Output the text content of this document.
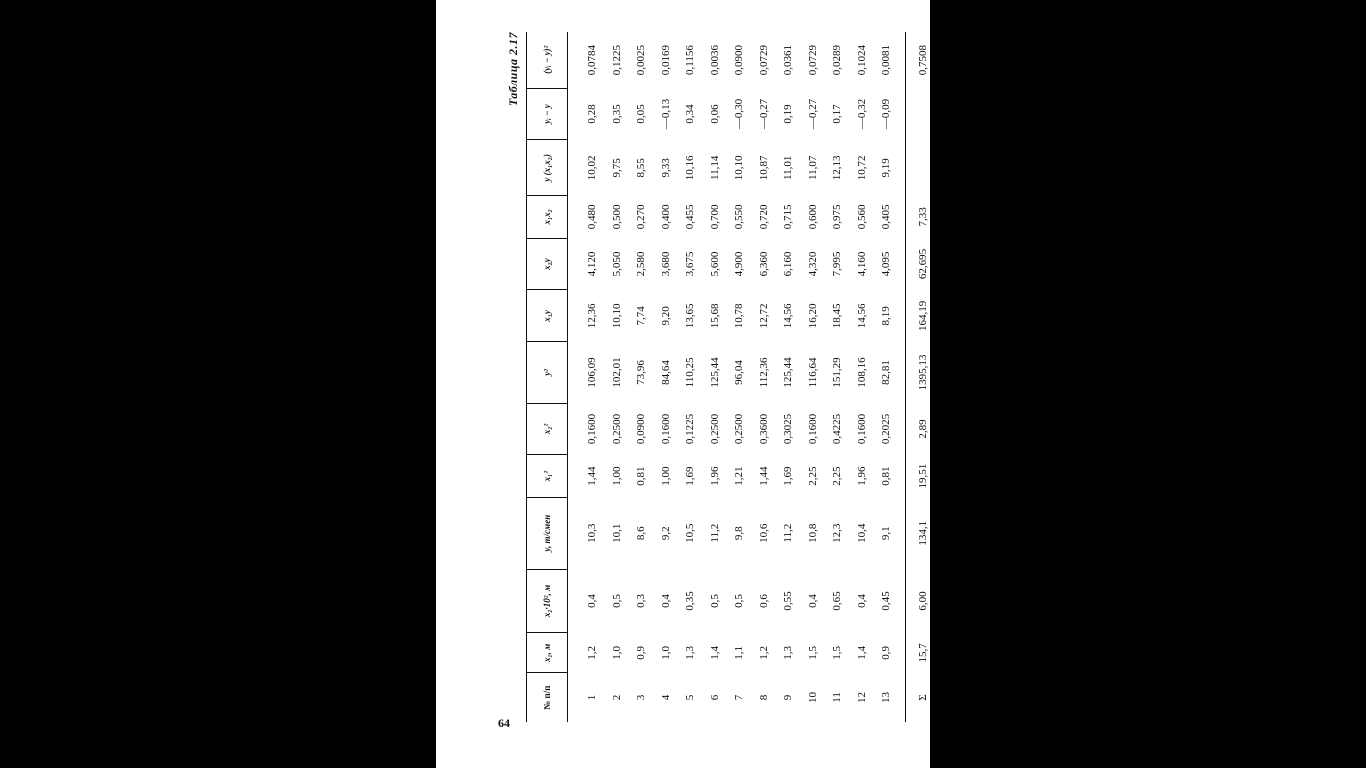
64
Таблица 2.17
№ п/п	x₁, м	x₂·10², м	y, т/смен	x₁²	x₂²	y²	x₁y	x₂y	x₁x₂	y (x₁x₂)	yᵢ − y	(yᵢ − y)²
1	1,2	0,4	10,3	1,44	0,1600	106,09	12,36	4,120	0,480	10,02	0,28	0,0784
2	1,0	0,5	10,1	1,00	0,2500	102,01	10,10	5,050	0,500	9,75	0,35	0,1225
3	0,9	0,3	8,6	0,81	0,0900	73,96	7,74	2,580	0,270	8,55	0,05	0,0025
4	1,0	0,4	9,2	1,00	0,1600	84,64	9,20	3,680	0,400	9,33	—0,13	0,0169
5	1,3	0,35	10,5	1,69	0,1225	110,25	13,65	3,675	0,455	10,16	0,34	0,1156
6	1,4	0,5	11,2	1,96	0,2500	125,44	15,68	5,600	0,700	11,14	0,06	0,0036
7	1,1	0,5	9,8	1,21	0,2500	96,04	10,78	4,900	0,550	10,10	—0,30	0,0900
8	1,2	0,6	10,6	1,44	0,3600	112,36	12,72	6,360	0,720	10,87	—0,27	0,0729
9	1,3	0,55	11,2	1,69	0,3025	125,44	14,56	6,160	0,715	11,01	0,19	0,0361
10	1,5	0,4	10,8	2,25	0,1600	116,64	16,20	4,320	0,600	11,07	—0,27	0,0729
11	1,5	0,65	12,3	2,25	0,4225	151,29	18,45	7,995	0,975	12,13	0,17	0,0289
12	1,4	0,4	10,4	1,96	0,1600	108,16	14,56	4,160	0,560	10,72	—0,32	0,1024
13	0,9	0,45	9,1	0,81	0,2025	82,81	8,19	4,095	0,405	9,19	—0,09	0,0081
Σ	15,7	6,00	134,1	19,51	2,89	1395,13	164,19	62,695	7,33			0,7508
